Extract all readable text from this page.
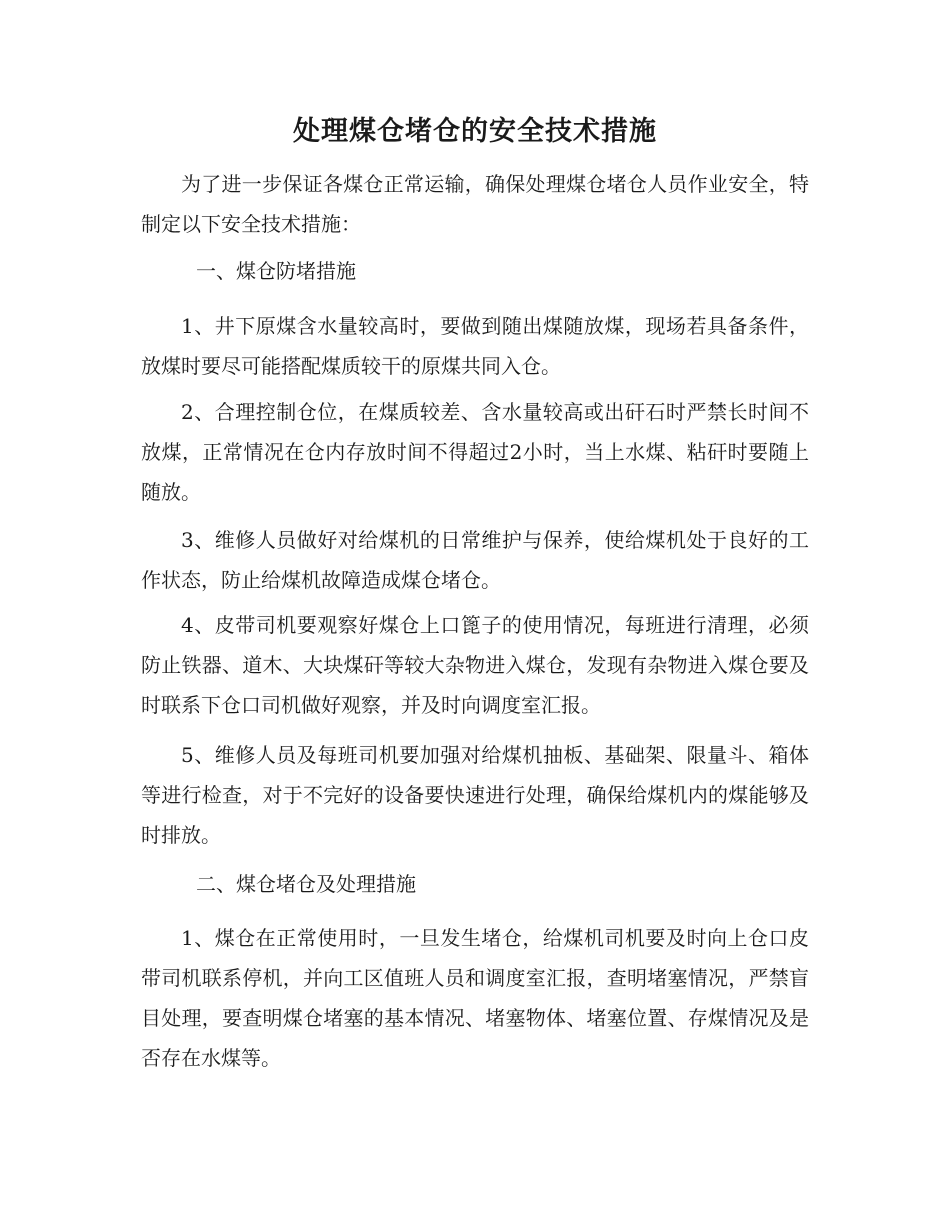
处理煤仓堵仓的安全技术措施

为了进一步保证各煤仓正常运输，确保处理煤仓堵仓人员作业安全，特制定以下安全技术措施：

一、煤仓防堵措施

1、井下原煤含水量较高时，要做到随出煤随放煤，现场若具备条件，放煤时要尽可能搭配煤质较干的原煤共同入仓。

2、合理控制仓位，在煤质较差、含水量较高或出矸石时严禁长时间不放煤，正常情况在仓内存放时间不得超过2小时，当上水煤、粘矸时要随上随放。

3、维修人员做好对给煤机的日常维护与保养，使给煤机处于良好的工作状态，防止给煤机故障造成煤仓堵仓。

4、皮带司机要观察好煤仓上口篦子的使用情况，每班进行清理，必须防止铁器、道木、大块煤矸等较大杂物进入煤仓，发现有杂物进入煤仓要及时联系下仓口司机做好观察，并及时向调度室汇报。

5、维修人员及每班司机要加强对给煤机抽板、基础架、限量斗、箱体等进行检查，对于不完好的设备要快速进行处理，确保给煤机内的煤能够及时排放。

二、煤仓堵仓及处理措施

1、煤仓在正常使用时，一旦发生堵仓，给煤机司机要及时向上仓口皮带司机联系停机，并向工区值班人员和调度室汇报，查明堵塞情况，严禁盲目处理，要查明煤仓堵塞的基本情况、堵塞物体、堵塞位置、存煤情况及是否存在水煤等。
